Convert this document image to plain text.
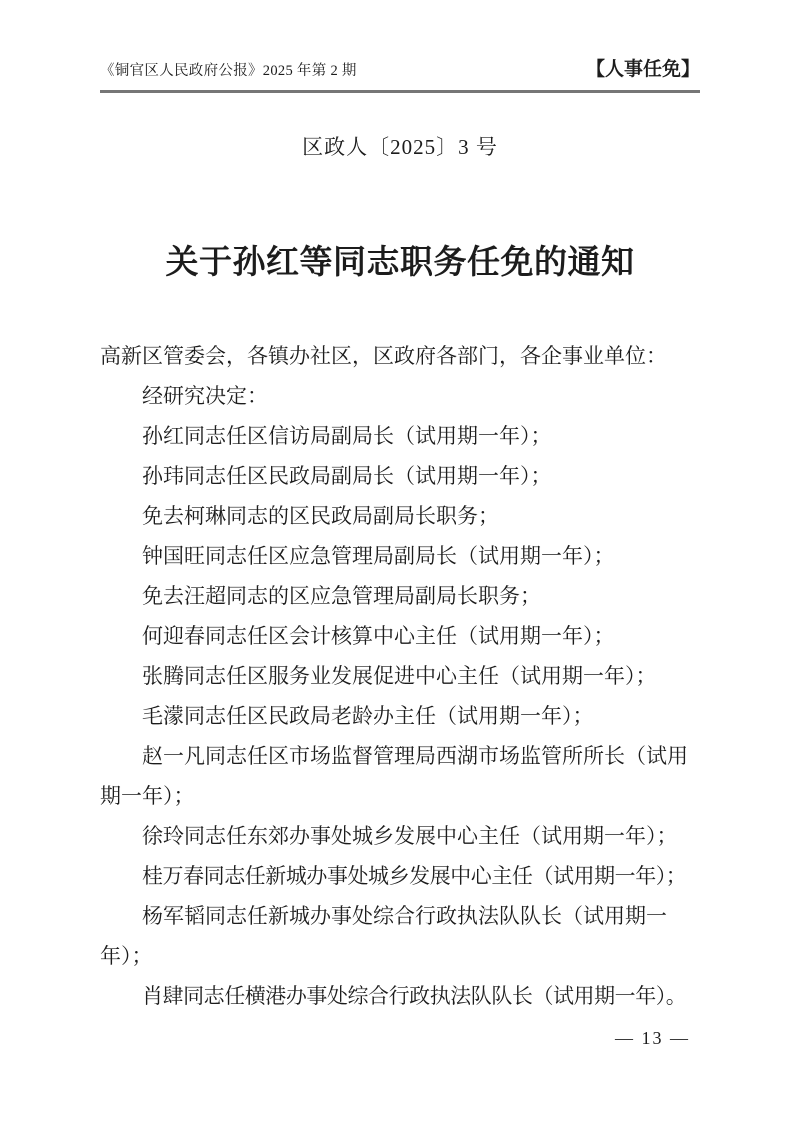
《铜官区人民政府公报》2025 年第 2 期	【人事任免】
区政人〔2025〕3 号
关于孙红等同志职务任免的通知
高新区管委会，各镇办社区，区政府各部门，各企事业单位：
经研究决定：
孙红同志任区信访局副局长（试用期一年）；
孙玮同志任区民政局副局长（试用期一年）；
免去柯琳同志的区民政局副局长职务；
钟国旺同志任区应急管理局副局长（试用期一年）；
免去汪超同志的区应急管理局副局长职务；
何迎春同志任区会计核算中心主任（试用期一年）；
张腾同志任区服务业发展促进中心主任（试用期一年）；
毛濛同志任区民政局老龄办主任（试用期一年）；
赵一凡同志任区市场监督管理局西湖市场监管所所长（试用
期一年）；
徐玲同志任东郊办事处城乡发展中心主任（试用期一年）；
桂万春同志任新城办事处城乡发展中心主任（试用期一年）；
杨军韬同志任新城办事处综合行政执法队队长（试用期一
年）；
肖肆同志任横港办事处综合行政执法队队长（试用期一年）。
— 13 —
